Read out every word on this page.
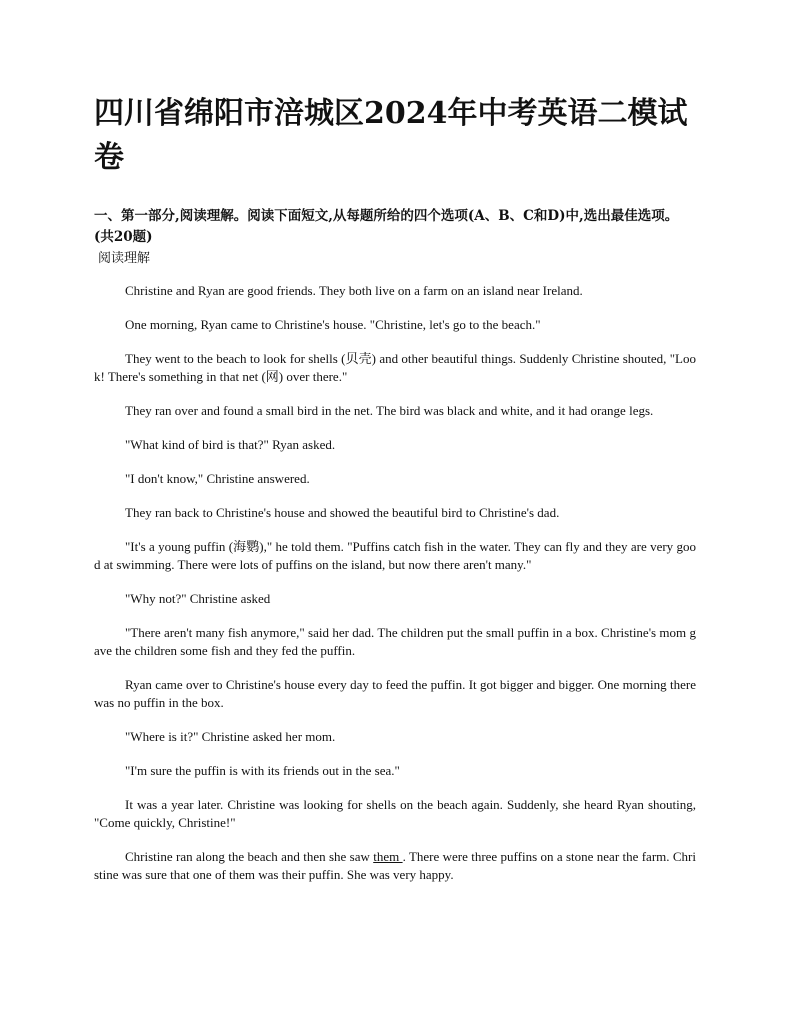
四川省绵阳市涪城区2024年中考英语二模试卷

一、第一部分,阅读理解。阅读下面短文,从每题所给的四个选项(A、B、C和D)中,选出最佳选项。(共20题)

阅读理解

Christine and Ryan are good friends. They both live on a farm on an island near Ireland.

One morning, Ryan came to Christine's house. "Christine, let's go to the beach."

They went to the beach to look for shells (贝壳) and other beautiful things. Suddenly Christine shouted, "Look! There's something in that net (网) over there."

They ran over and found a small bird in the net. The bird was black and white, and it had orange legs.

"What kind of bird is that?" Ryan asked.

"I don't know," Christine answered.

They ran back to Christine's house and showed the beautiful bird to Christine's dad.

"It's a young puffin (海鹦)," he told them. "Puffins catch fish in the water. They can fly and they are very good at swimming. There were lots of puffins on the island, but now there aren't many."

"Why not?" Christine asked

"There aren't many fish anymore," said her dad. The children put the small puffin in a box. Christine's mom gave the children some fish and they fed the puffin.

Ryan came over to Christine's house every day to feed the puffin. It got bigger and bigger. One morning there was no puffin in the box.

"Where is it?" Christine asked her mom.

"I'm sure the puffin is with its friends out in the sea."

It was a year later. Christine was looking for shells on the beach again. Suddenly, she heard Ryan shouting, "Come quickly, Christine!"

Christine ran along the beach and then she saw them . There were three puffins on a stone near the farm. Christine was sure that one of them was their puffin. She was very happy.
